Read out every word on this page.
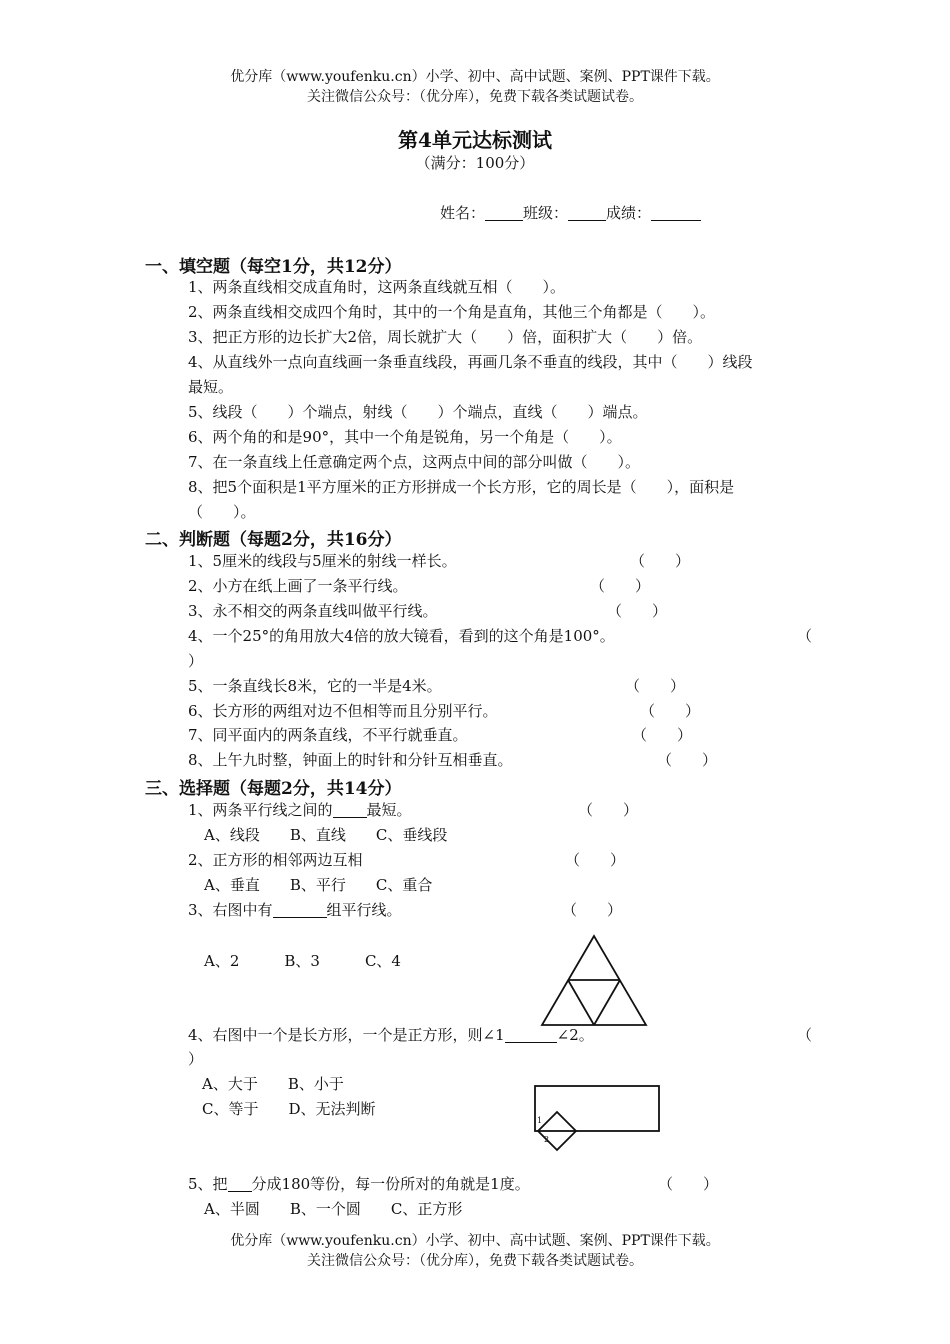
优分库（www.youfenku.cn）小学、初中、高中试题、案例、PPT课件下载。
关注微信公众号：（优分库），免费下载各类试题试卷。
第4单元达标测试
（满分：100分）
姓名：	班级：	成绩：
一、填空题（每空1分，共12分）
1、两条直线相交成直角时，这两条直线就互相（　　）。
2、两条直线相交成四个角时，其中的一个角是直角，其他三个角都是（　　）。
3、把正方形的边长扩大2倍，周长就扩大（　　）倍，面积扩大（　　）倍。
4、从直线外一点向直线画一条垂直线段，再画几条不垂直的线段，其中（　　）线段
最短。
5、线段（　　）个端点，射线（　　）个端点，直线（　　）端点。
6、两个角的和是90°，其中一个角是锐角，另一个角是（　　）。
7、在一条直线上任意确定两个点，这两点中间的部分叫做（　　）。
8、把5个面积是1平方厘米的正方形拼成一个长方形，它的周长是（　　），面积是
（　　）。
二、判断题（每题2分，共16分）
1、5厘米的线段与5厘米的射线一样长。	（　　）
2、小方在纸上画了一条平行线。	（　　）
3、永不相交的两条直线叫做平行线。	（　　）
4、一个25°的角用放大4倍的放大镜看，看到的这个角是100°。	（
）
5、一条直线长8米，它的一半是4米。	（　　）
6、长方形的两组对边不但相等而且分别平行。	（　　）
7、同平面内的两条直线，不平行就垂直。	（　　）
8、上午九时整，钟面上的时针和分针互相垂直。	（　　）
三、选择题（每题2分，共14分）
1、两条平行线之间的 最短。	（　　）
A、线段　　B、直线　　C、垂线段
2、正方形的相邻两边互相	（　　）
A、垂直　　B、平行　　C、重合
3、右图中有	组平行线。	（　　）
A、2　　　B、3　　　C、4
4、右图中一个是长方形，一个是正方形，则∠1	∠2。	（
）
A、大于　　B、小于
C、等于　　D、无法判断
1
2
5、把 分成180等份，每一份所对的角就是1度。	（　　）
A、半圆　　B、一个圆　　C、正方形
优分库（www.youfenku.cn）小学、初中、高中试题、案例、PPT课件下载。
关注微信公众号：（优分库），免费下载各类试题试卷。
